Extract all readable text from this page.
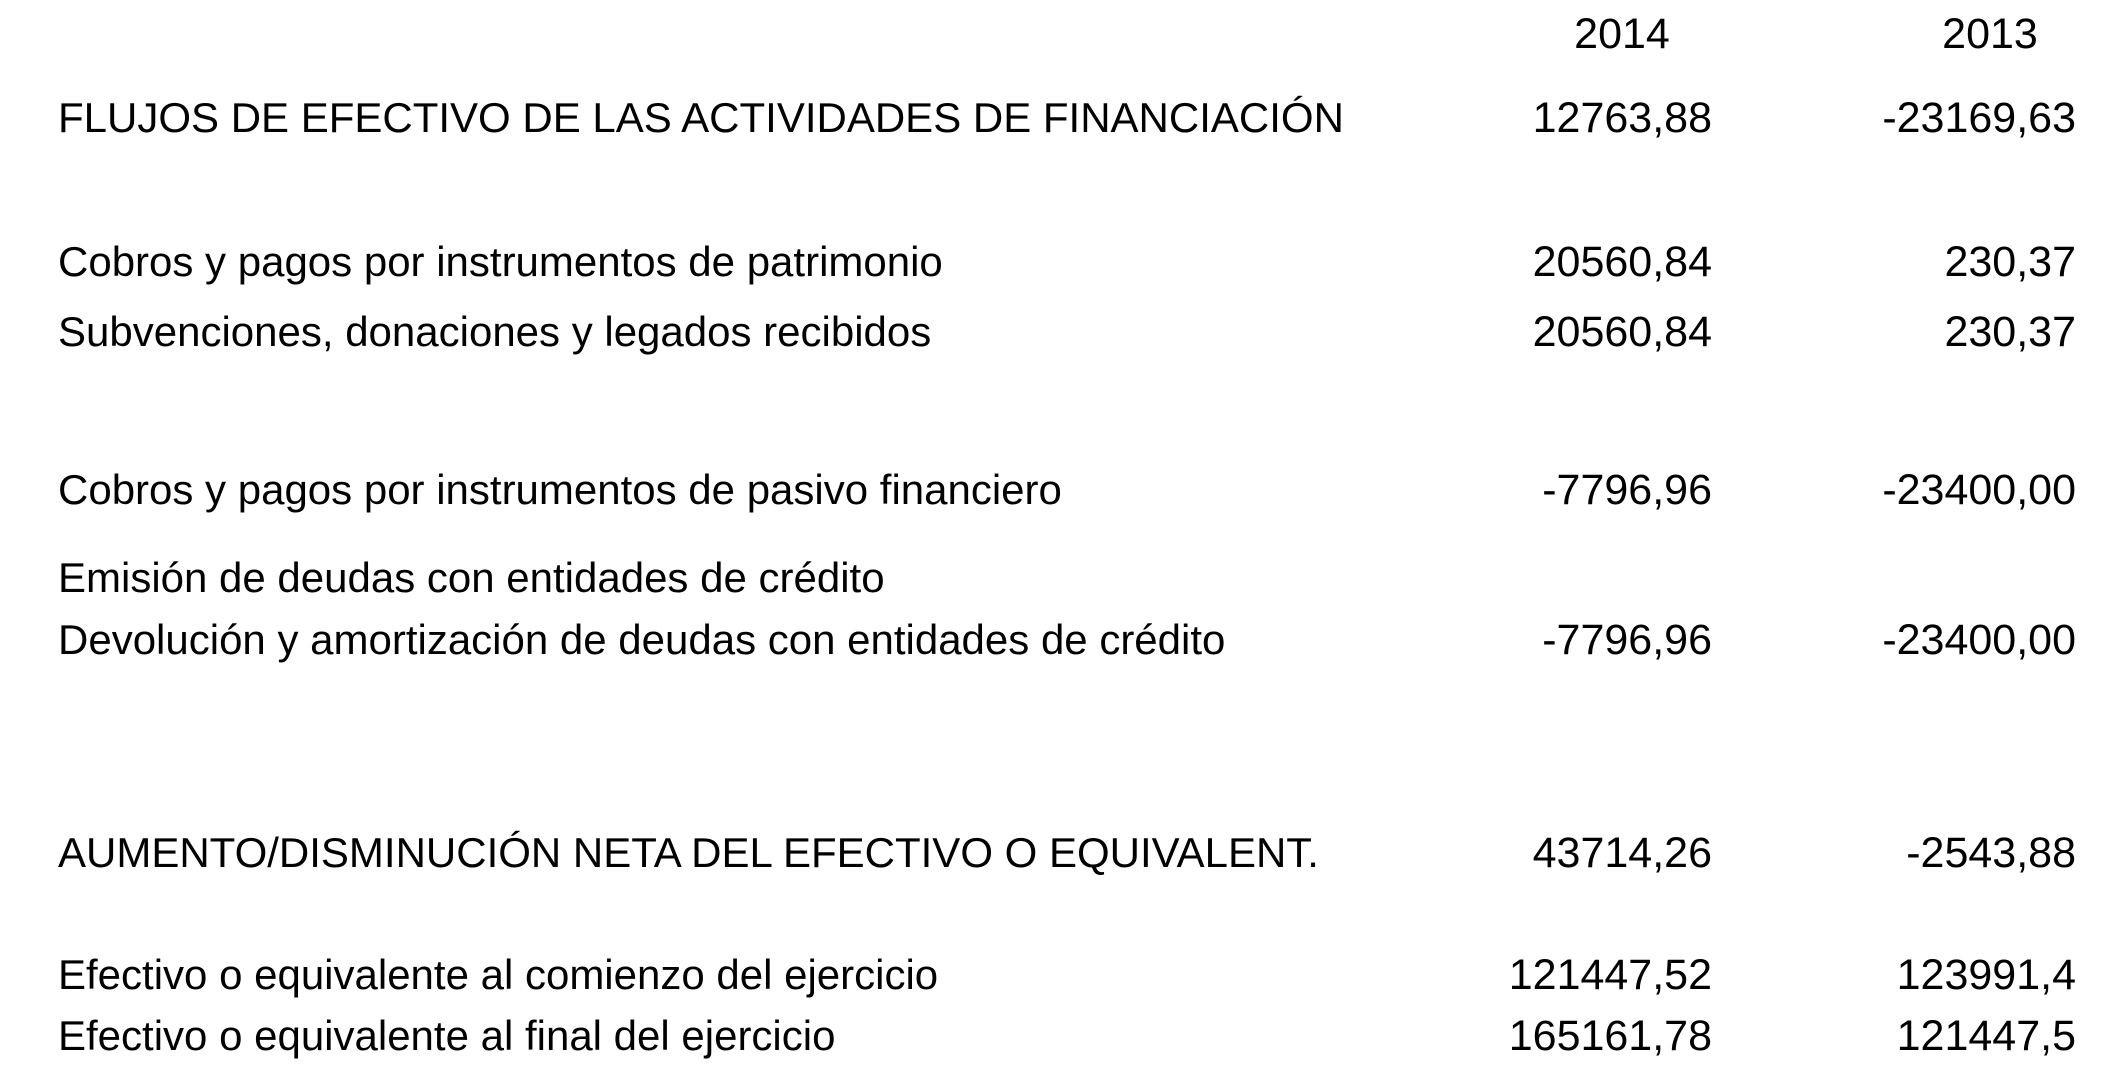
2014	2013
FLUJOS DE EFECTIVO DE LAS ACTIVIDADES DE FINANCIACIÓN	12763,88	-23169,63
Cobros y pagos por instrumentos de patrimonio	20560,84	230,37
Subvenciones, donaciones y legados recibidos	20560,84	230,37
Cobros y pagos por instrumentos de pasivo financiero	-7796,96	-23400,00
Emisión de deudas con entidades de crédito
Devolución y amortización de deudas con entidades de crédito	-7796,96	-23400,00
AUMENTO/DISMINUCIÓN NETA DEL EFECTIVO O EQUIVALENT.	43714,26	-2543,88
Efectivo o equivalente al comienzo del ejercicio	121447,52	123991,4
Efectivo o equivalente al final del ejercicio	165161,78	121447,5
